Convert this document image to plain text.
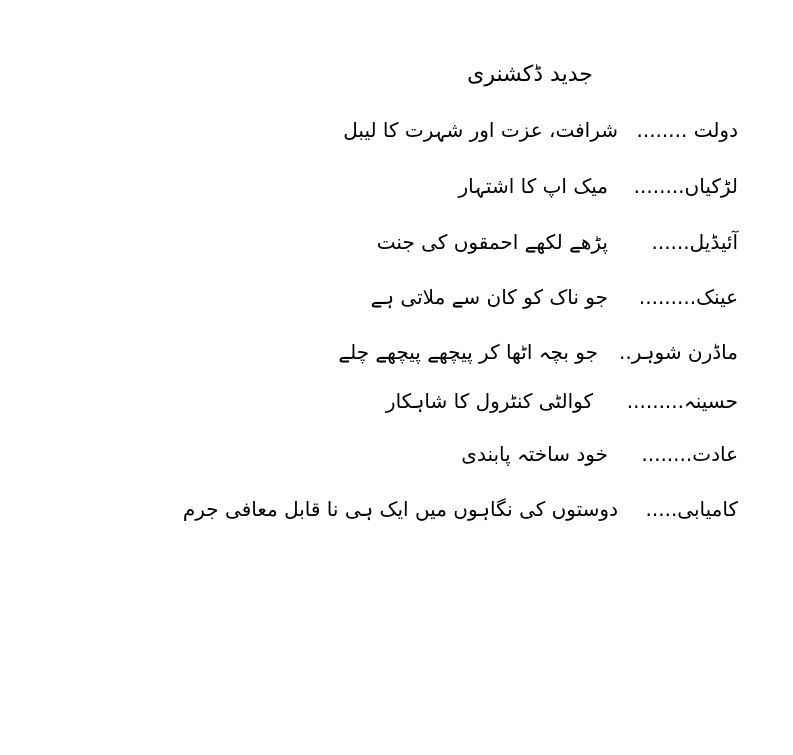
جدید ڈکشنری
دولت ........
شرافت، عزت اور شہرت کا لیبل
لڑکیاں........
میک اپ کا اشتہار
آئیڈیل......
پڑھے لکھے احمقوں کی جنت
عینک.........
جو ناک کو کان سے ملاتی ہے
ماڈرن شوہر..
جو بچہ اٹھا کر پیچھے پیچھے چلے
حسینہ.........
کوالٹی کنٹرول کا شاہکار
عادت........
خود ساختہ پابندی
کامیابی.....
دوستوں کی نگاہوں میں ایک ہی نا قابل معافی جرم
